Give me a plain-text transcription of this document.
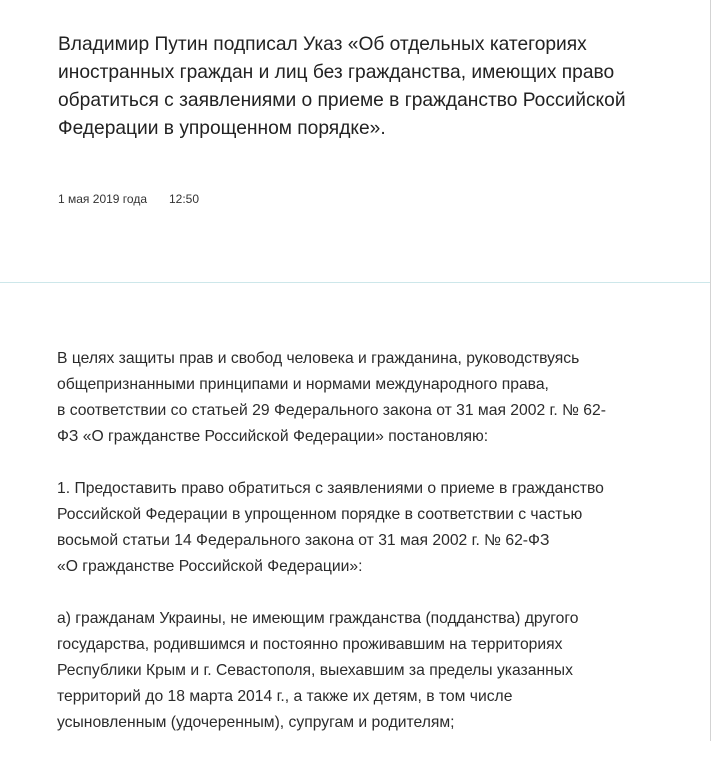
Владимир Путин подписал Указ «Об отдельных категориях
иностранных граждан и лиц без гражданства, имеющих право
обратиться с заявлениями о приеме в гражданство Российской
Федерации в упрощенном порядке».
1 мая 2019 года 12:50

В целях защиты прав и свобод человека и гражданина, руководствуясь
общепризнанными принципами и нормами международного права,
в соответствии со статьей 29 Федерального закона от 31 мая 2002 г. № 62-
ФЗ «О гражданстве Российской Федерации» постановляю:

1. Предоставить право обратиться с заявлениями о приеме в гражданство
Российской Федерации в упрощенном порядке в соответствии с частью
восьмой статьи 14 Федерального закона от 31 мая 2002 г. № 62-ФЗ
«О гражданстве Российской Федерации»:

а) гражданам Украины, не имеющим гражданства (подданства) другого
государства, родившимся и постоянно проживавшим на территориях
Республики Крым и г. Севастополя, выехавшим за пределы указанных
территорий до 18 марта 2014 г., а также их детям, в том числе
усыновленным (удочеренным), супругам и родителям;
